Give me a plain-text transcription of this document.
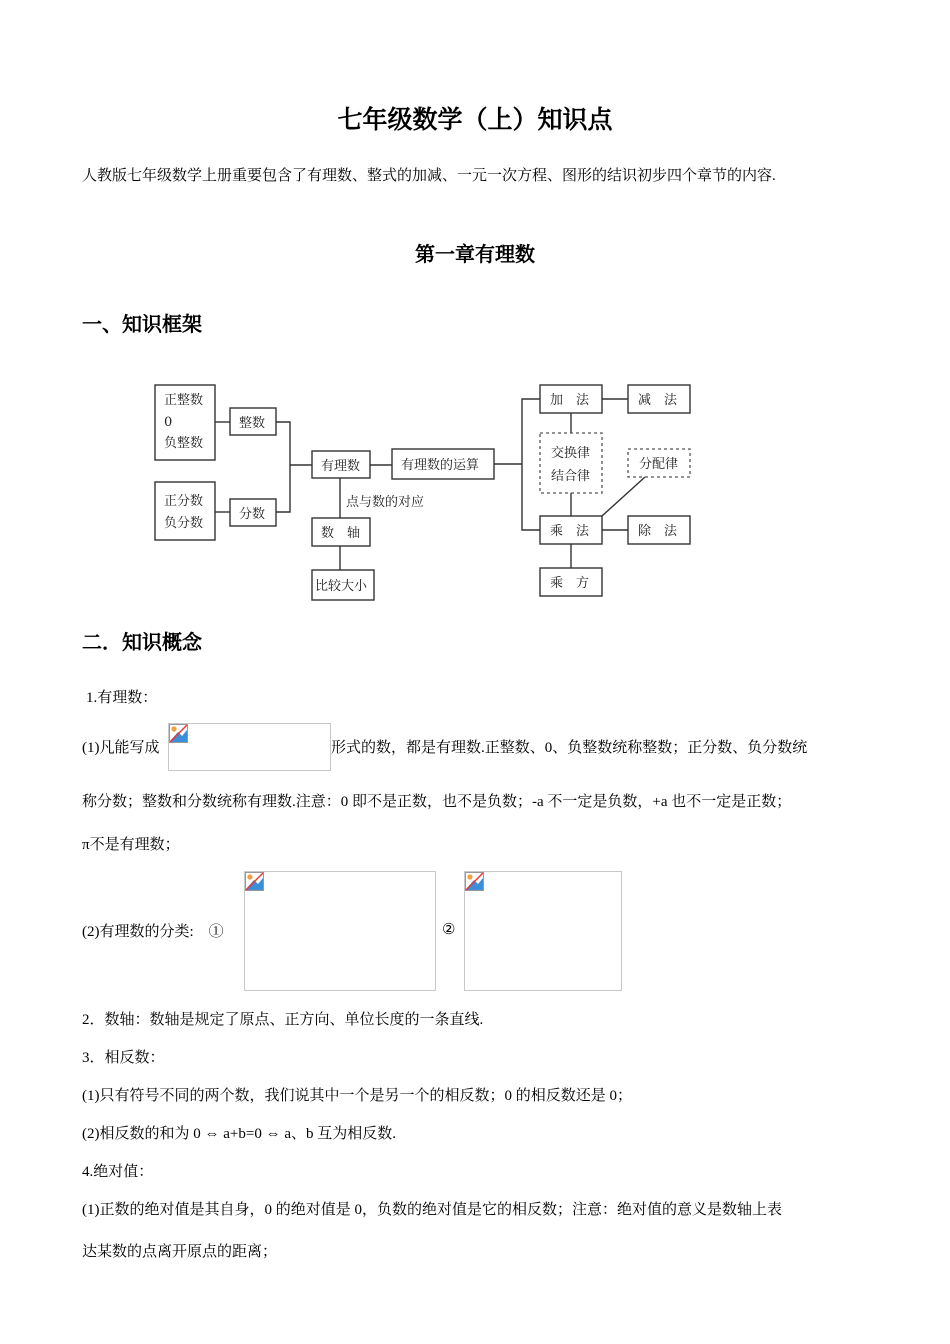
七年级数学（上）知识点
人教版七年级数学上册重要包含了有理数、整式的加减、一元一次方程、图形的结识初步四个章节的内容.
第一章有理数
一、知识框架
正整数
0
负整数
正分数
负分数
整数
分数
有理数	有理数的运算
点与数的对应
数　轴
比较大小
加　法	减　法
交换律
结合律
分配律
乘　法	除　法
乘　方
二．知识概念
1.有理数：
(1)凡能写成	形式的数，都是有理数.正整数、0、负整数统称整数；正分数、负分数统
称分数；整数和分数统称有理数.注意：0 即不是正数，也不是负数；-a 不一定是负数，+a 也不一定是正数；
π不是有理数；
(2)有理数的分类:　①	②
2．数轴：数轴是规定了原点、正方向、单位长度的一条直线.
3．相反数：
(1)只有符号不同的两个数，我们说其中一个是另一个的相反数；0 的相反数还是 0；
(2)相反数的和为 0 ⇔ a+b=0 ⇔ a、b 互为相反数.
4.绝对值：
(1)正数的绝对值是其自身，0 的绝对值是 0，负数的绝对值是它的相反数；注意：绝对值的意义是数轴上表
达某数的点离开原点的距离；
